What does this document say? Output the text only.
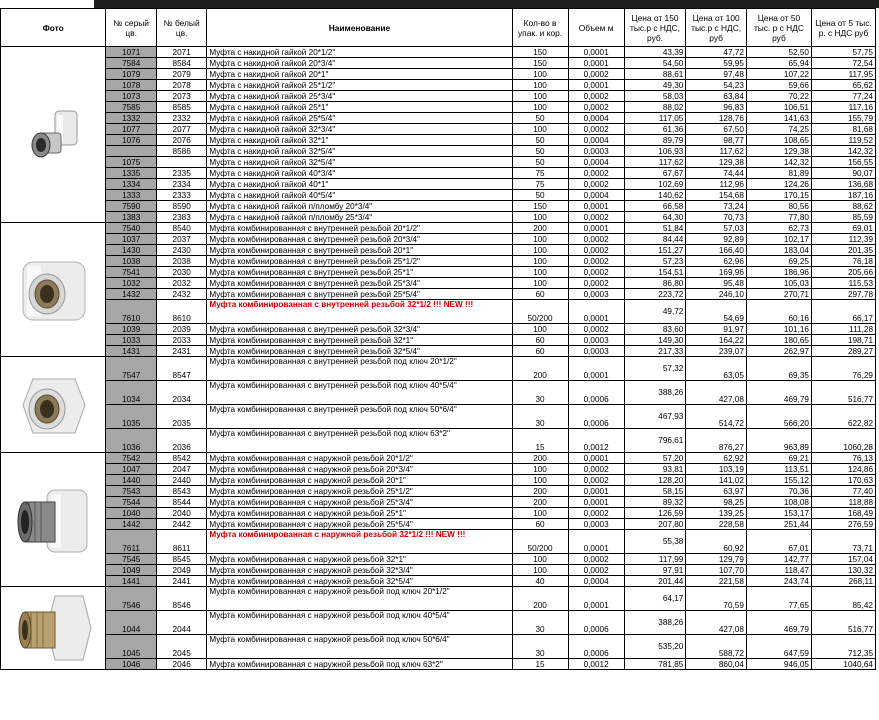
Фото	№ серый цв.	№ белый цв.	Наименование	Кол-во в упак. и кор.	Объем м	Цена от 150 тыс.р с НДС, руб.	Цена от 100 тыс.р с НДС, руб	Цена от 50 тыс. р с НДС руб	Цена от 5 тыс. р. с НДС руб

	1071	2071	Муфта с накидной гайкой 20*1/2"	150	0,0001	43,39	47,72	52,50	57,75
	7584	8584	Муфта с накидной гайкой 20*3/4"	150	0,0001	54,50	59,95	65,94	72,54
	1079	2079	Муфта с накидной гайкой 20*1"	100	0,0002	88,61	97,48	107,22	117,95
	1078	2078	Муфта с накидной гайкой 25*1/2"	100	0,0001	49,30	54,23	59,66	65,62
	1073	2073	Муфта с накидной гайкой 25*3/4"	100	0,0002	58,03	63,84	70,22	77,24
	7585	8585	Муфта с накидной гайкой 25*1"	100	0,0002	88,02	96,83	106,51	117,16
	1332	2332	Муфта с накидной гайкой 25*5/4"	50	0,0004	117,05	128,76	141,63	155,79
	1077	2077	Муфта с накидной гайкой 32*3/4"	100	0,0002	61,36	67,50	74,25	81,68
	1076	2076	Муфта с накидной гайкой 32*1"	50	0,0004	89,79	98,77	108,65	119,52
		8586	Муфта с накидной гайкой 32*5/4"	50	0,0003	106,93	117,62	129,38	142,32
	1075		Муфта с накидной гайкой 32*5/4"	50	0,0004	117,62	129,38	142,32	156,55
	1335	2335	Муфта с накидной гайкой 40*3/4"	75	0,0002	67,67	74,44	81,89	90,07
	1334	2334	Муфта с накидной гайкой 40*1"	75	0,0002	102,69	112,96	124,26	136,68
	1333	2333	Муфта с накидной гайкой 40*5/4"	50	0,0004	140,62	154,68	170,15	187,16
	7590	8590	Муфта с накидной гайкой п/пломбу 20*3/4"	150	0,0001	66,58	73,24	80,56	88,62
	1383	2383	Муфта с накидной гайкой п/пломбу 25*3/4"	100	0,0002	64,30	70,73	77,80	85,59

	7540	8540	Муфта комбинированная с внутренней резьбой 20*1/2"	200	0,0001	51,84	57,03	62,73	69,01
	1037	2037	Муфта комбинированная с внутренней резьбой 20*3/4"	100	0,0002	84,44	92,89	102,17	112,39
	1430	2430	Муфта комбинированная с внутренней резьбой 20*1"	100	0,0002	151,27	166,40	183,04	201,35
	1038	2038	Муфта комбинированная с внутренней резьбой 25*1/2"	100	0,0002	57,23	62,96	69,25	76,18
	7541	2030	Муфта комбинированная с внутренней резьбой 25*1"	100	0,0002	154,51	169,96	186,96	205,66
	1032	2032	Муфта комбинированная с внутренней резьбой 25*3/4"	100	0,0002	86,80	95,48	105,03	115,53
	1432	2432	Муфта комбинированная с внутренней резьбой 25*5/4"	60	0,0003	223,72	246,10	270,71	297,78
	7610	8610	Муфта комбинированная с внутренней резьбой 32*1/2 !!! NEW !!!	50/200	0,0001	49,72	54,69	60,16	66,17
	1039	2039	Муфта комбинированная с внутренней резьбой 32*3/4"	100	0,0002	83,60	91,97	101,16	111,28
	1033	2033	Муфта комбинированная с внутренней резьбой 32*1"	60	0,0003	149,30	164,22	180,65	198,71
	1431	2431	Муфта комбинированная с внутренней резьбой 32*5/4"	60	0,0003	217,33	239,07	262,97	289,27

	7547	8547	Муфта комбинированная с внутренней резьбой под ключ 20*1/2"	200	0,0001	57,32	63,05	69,35	76,29
	1034	2034	Муфта комбинированная с внутренней резьбой под ключ 40*5/4"	30	0,0006	388,26	427,08	469,79	516,77
	1035	2035	Муфта комбинированная с внутренней резьбой под ключ 50*6/4"	30	0,0006	467,93	514,72	566,20	622,82
	1036	2036	Муфта комбинированная с внутренней резьбой под ключ 63*2"	15	0,0012	796,61	876,27	963,89	1060,28

	7542	8542	Муфта комбинированная с наружной резьбой 20*1/2"	200	0,0001	57,20	62,92	69,21	76,13
	1047	2047	Муфта комбинированная с наружной резьбой 20*3/4"	100	0,0002	93,81	103,19	113,51	124,86
	1440	2440	Муфта комбинированная с наружной резьбой 20*1"	100	0,0002	128,20	141,02	155,12	170,63
	7543	8543	Муфта комбинированная с наружной резьбой 25*1/2"	200	0,0001	58,15	63,97	70,36	77,40
	7544	8544	Муфта комбинированная с наружной резьбой 25*3/4"	200	0,0001	89,32	98,25	108,08	118,88
	1040	2040	Муфта комбинированная с наружной резьбой 25*1"	100	0,0002	126,59	139,25	153,17	168,49
	1442	2442	Муфта комбинированная с наружной резьбой 25*5/4"	60	0,0003	207,80	228,58	251,44	276,59
	7611	8611	Муфта комбинированная с наружной резьбой 32*1/2 !!! NEW !!!	50/200	0,0001	55,38	60,92	67,01	73,71
	7545	8545	Муфта комбинированная с наружной резьбой 32*1"	100	0,0002	117,99	129,79	142,77	157,04
	1049	2049	Муфта комбинированная с наружной резьбой 32*3/4"	100	0,0002	97,91	107,70	118,47	130,32
	1441	2441	Муфта комбинированная с наружной резьбой 32*5/4"	40	0,0004	201,44	221,58	243,74	268,11

	7546	8546	Муфта комбинированная с наружной резьбой под ключ 20*1/2"	200	0,0001	64,17	70,59	77,65	85,42
	1044	2044	Муфта комбинированная с наружной резьбой под ключ 40*5/4"	30	0,0006	388,26	427,08	469,79	516,77
	1045	2045	Муфта комбинированная с наружной резьбой под ключ 50*6/4"	30	0,0006	535,20	588,72	647,59	712,35
	1046	2046	Муфта комбинированная с наружной резьбой под ключ 63*2"	15	0,0012	781,85	860,04	946,05	1040,64
